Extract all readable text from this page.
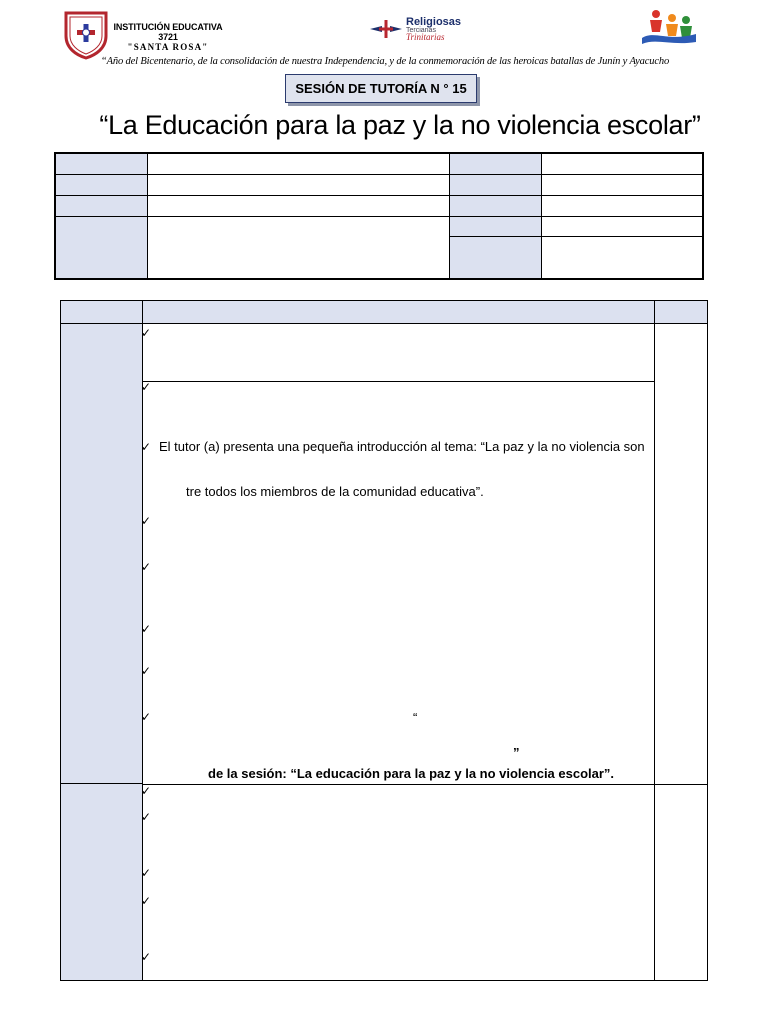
INSTITUCIÓN EDUCATIVA 3721
"SANTA ROSA"
Religiosas
Terciarias
Trinitarias
“Año del Bicentenario, de la consolidación de nuestra Independencia, y de la conmemoración de las heroicas batallas de Junín y Ayacucho
SESIÓN DE TUTORÍA N ° 15
“La Educación para la paz y la no violencia escolar”
✓
✓
✓
✓
✓
✓
✓
✓
✓
✓
✓
✓
✓
El tutor (a) presenta una pequeña introducción al tema: “La paz y la no violencia son
tre todos los miembros de la comunidad educativa”.
“
”
de la sesión: “La educación para la paz y la no violencia escolar”.
